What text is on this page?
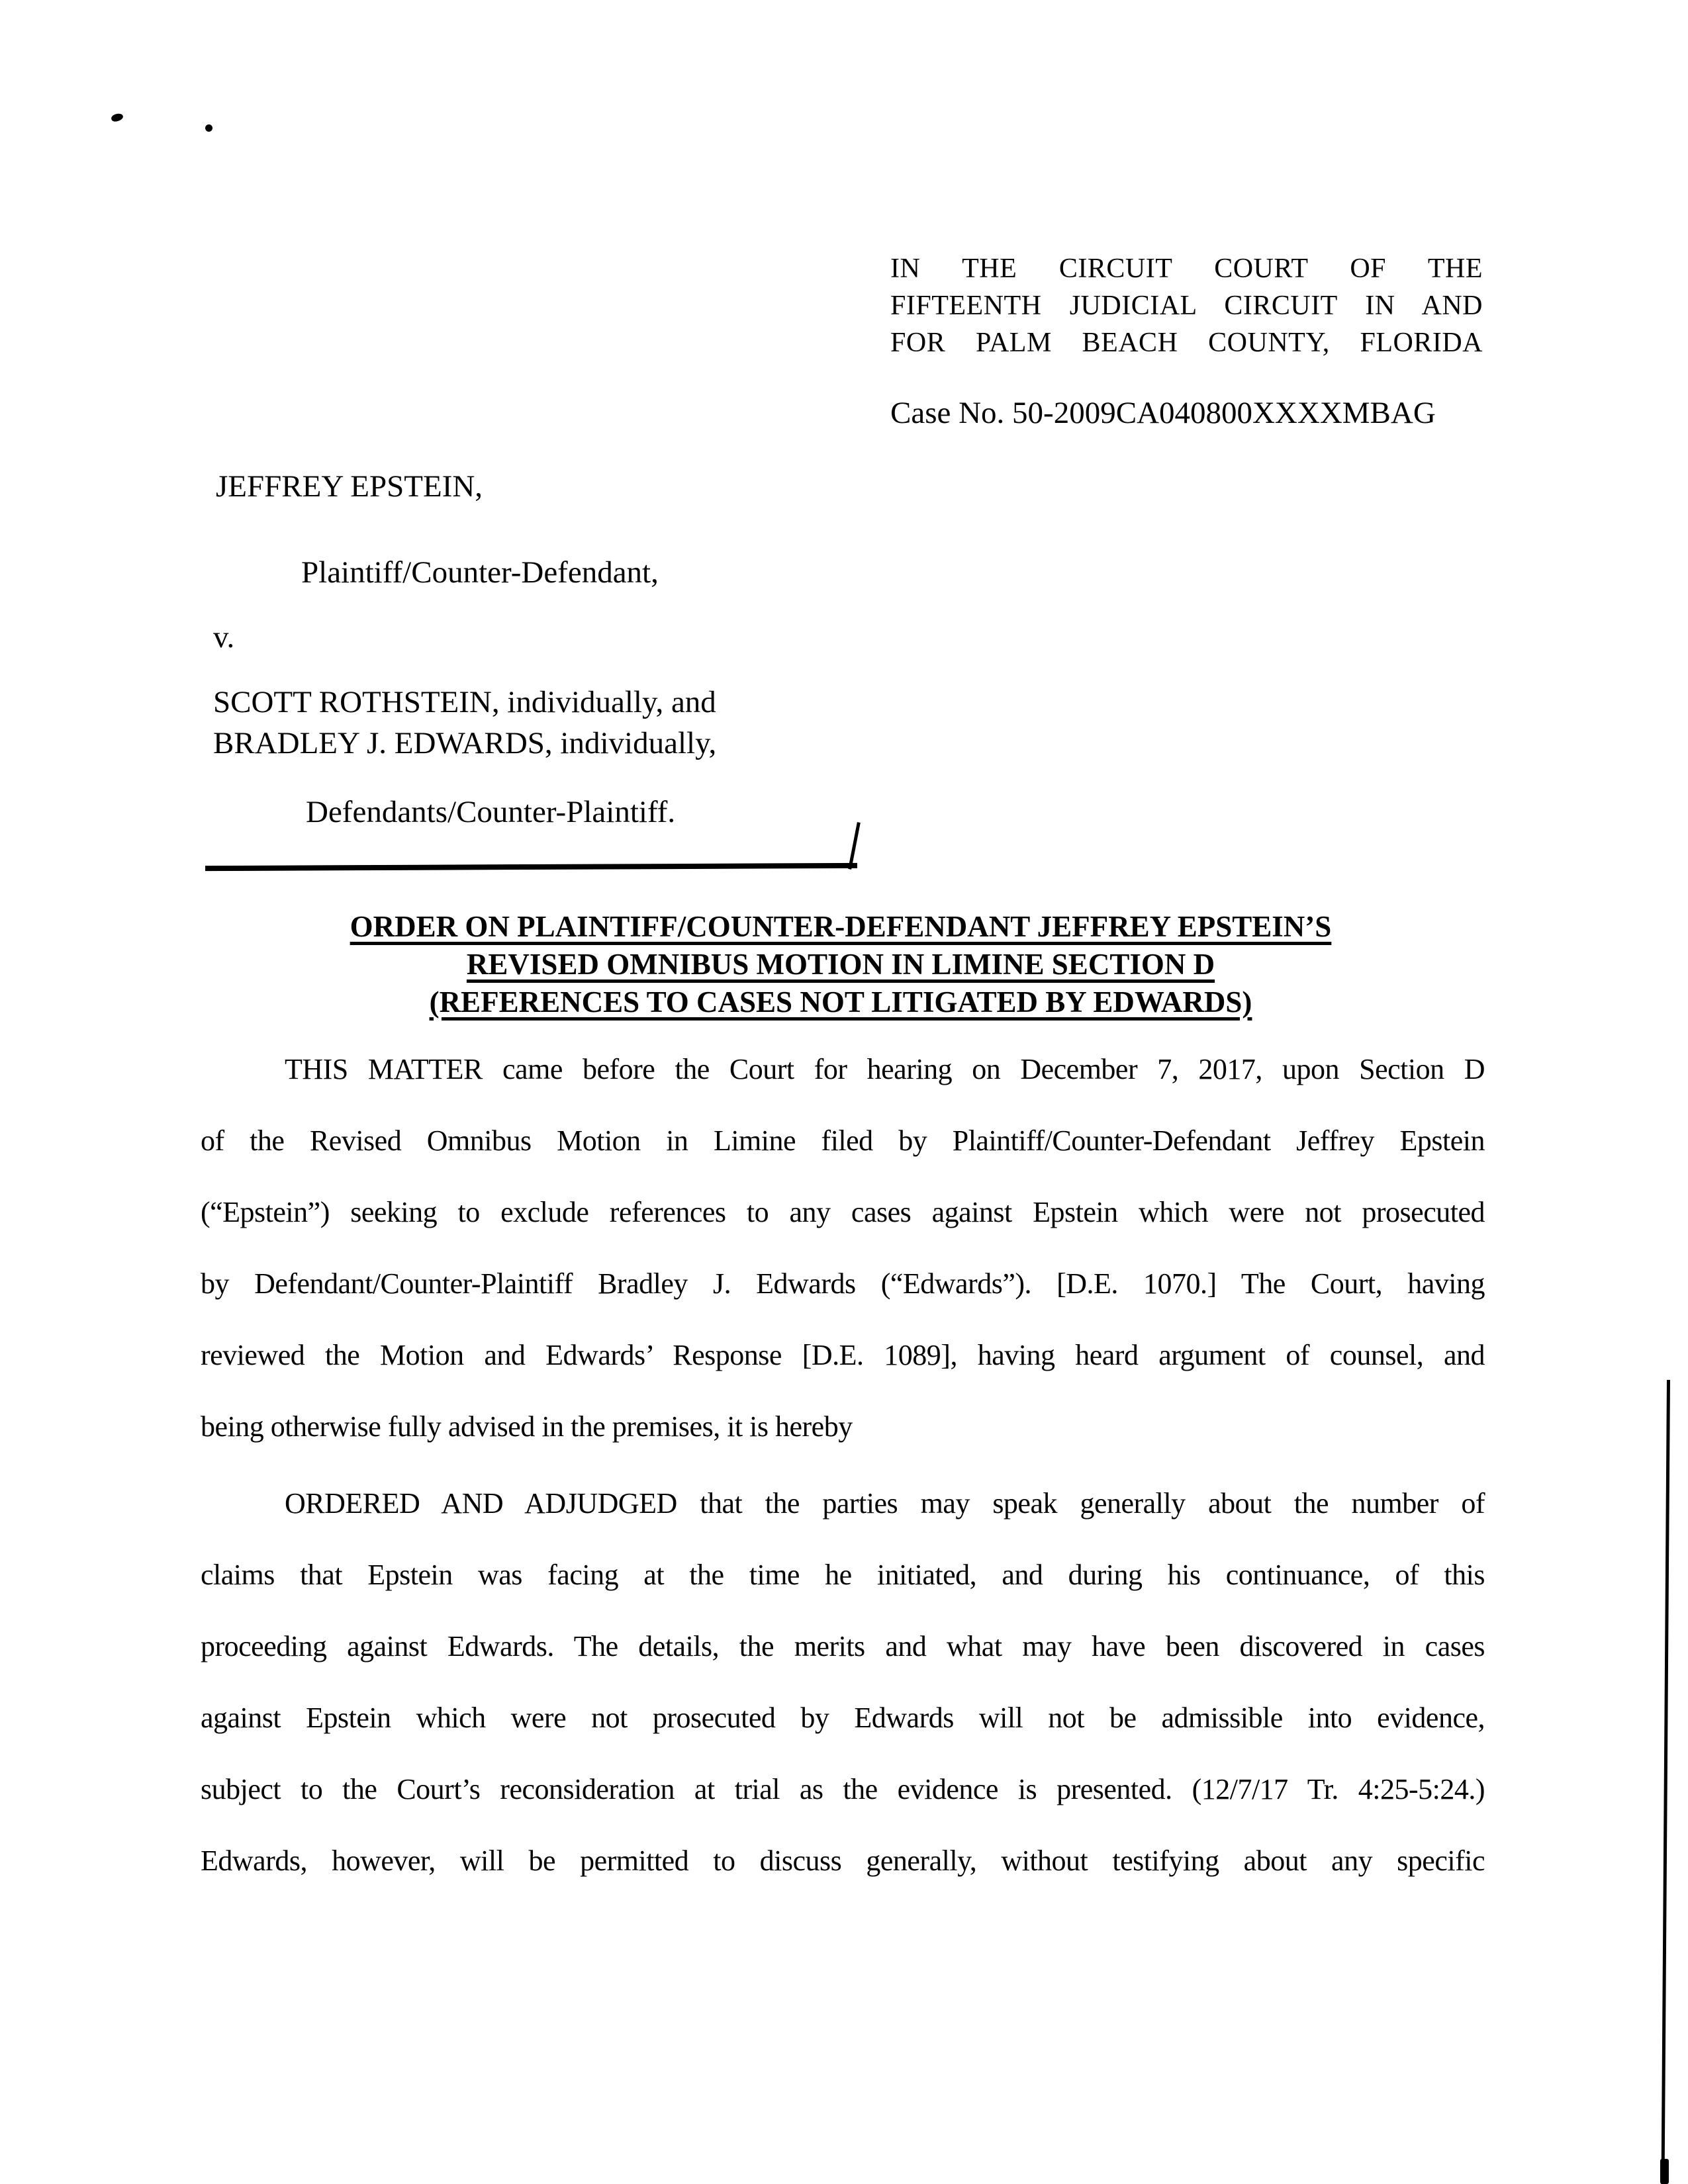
IN THE CIRCUIT COURT OF THE
FIFTEENTH JUDICIAL CIRCUIT IN AND
FOR PALM BEACH COUNTY, FLORIDA
Case No. 50-2009CA040800XXXXMBAG
JEFFREY EPSTEIN,
Plaintiff/Counter-Defendant,
v.
SCOTT ROTHSTEIN, individually, and
BRADLEY J. EDWARDS, individually,
Defendants/Counter-Plaintiff.
ORDER ON PLAINTIFF/COUNTER-DEFENDANT JEFFREY EPSTEIN’S
REVISED OMNIBUS MOTION IN LIMINE SECTION D
(REFERENCES TO CASES NOT LITIGATED BY EDWARDS)
THIS MATTER came before the Court for hearing on December 7, 2017, upon Section D
of the Revised Omnibus Motion in Limine filed by Plaintiff/Counter-Defendant Jeffrey Epstein
(“Epstein”) seeking to exclude references to any cases against Epstein which were not prosecuted
by Defendant/Counter-Plaintiff Bradley J. Edwards (“Edwards”). [D.E. 1070.] The Court, having
reviewed the Motion and Edwards’ Response [D.E. 1089], having heard argument of counsel, and
being otherwise fully advised in the premises, it is hereby
ORDERED AND ADJUDGED that the parties may speak generally about the number of
claims that Epstein was facing at the time he initiated, and during his continuance, of this
proceeding against Edwards. The details, the merits and what may have been discovered in cases
against Epstein which were not prosecuted by Edwards will not be admissible into evidence,
subject to the Court’s reconsideration at trial as the evidence is presented. (12/7/17 Tr. 4:25-5:24.)
Edwards, however, will be permitted to discuss generally, without testifying about any specific
